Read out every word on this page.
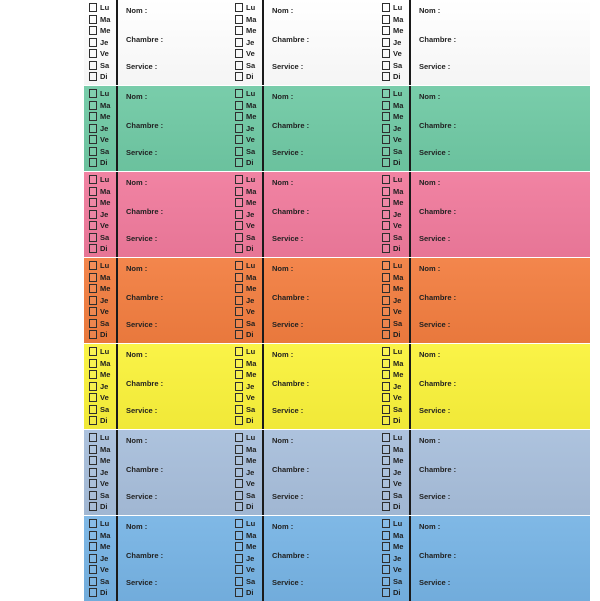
Lu
Ma
Me
Je
Ve
Sa
Di
Nom :
Chambre :
Service :
Lu
Ma
Me
Je
Ve
Sa
Di
Nom :
Chambre :
Service :
Lu
Ma
Me
Je
Ve
Sa
Di
Nom :
Chambre :
Service :
Lu
Ma
Me
Je
Ve
Sa
Di
Nom :
Chambre :
Service :
Lu
Ma
Me
Je
Ve
Sa
Di
Nom :
Chambre :
Service :
Lu
Ma
Me
Je
Ve
Sa
Di
Nom :
Chambre :
Service :
Lu
Ma
Me
Je
Ve
Sa
Di
Nom :
Chambre :
Service :
Lu
Ma
Me
Je
Ve
Sa
Di
Nom :
Chambre :
Service :
Lu
Ma
Me
Je
Ve
Sa
Di
Nom :
Chambre :
Service :
Lu
Ma
Me
Je
Ve
Sa
Di
Nom :
Chambre :
Service :
Lu
Ma
Me
Je
Ve
Sa
Di
Nom :
Chambre :
Service :
Lu
Ma
Me
Je
Ve
Sa
Di
Nom :
Chambre :
Service :
Lu
Ma
Me
Je
Ve
Sa
Di
Nom :
Chambre :
Service :
Lu
Ma
Me
Je
Ve
Sa
Di
Nom :
Chambre :
Service :
Lu
Ma
Me
Je
Ve
Sa
Di
Nom :
Chambre :
Service :
Lu
Ma
Me
Je
Ve
Sa
Di
Nom :
Chambre :
Service :
Lu
Ma
Me
Je
Ve
Sa
Di
Nom :
Chambre :
Service :
Lu
Ma
Me
Je
Ve
Sa
Di
Nom :
Chambre :
Service :
Lu
Ma
Me
Je
Ve
Sa
Di
Nom :
Chambre :
Service :
Lu
Ma
Me
Je
Ve
Sa
Di
Nom :
Chambre :
Service :
Lu
Ma
Me
Je
Ve
Sa
Di
Nom :
Chambre :
Service :
